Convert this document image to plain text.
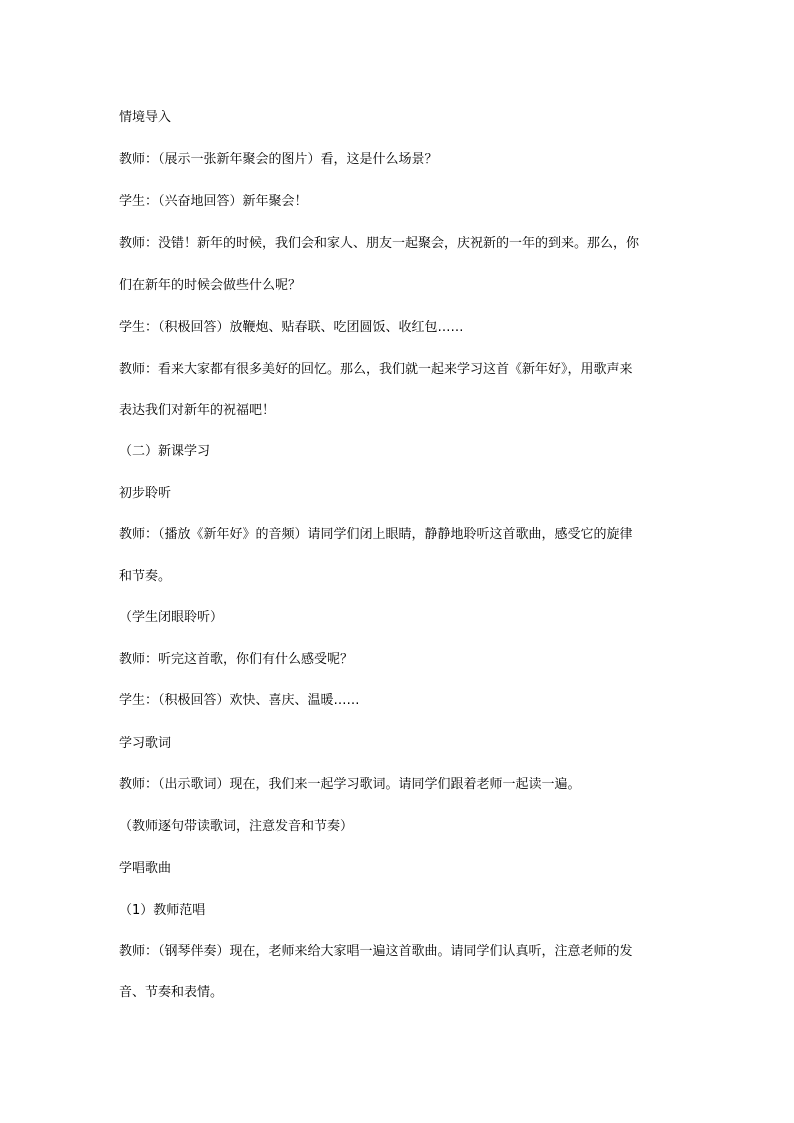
情境导入
教师：（展示一张新年聚会的图片）看，这是什么场景？
学生：（兴奋地回答）新年聚会！
教师：没错！新年的时候，我们会和家人、朋友一起聚会，庆祝新的一年的到来。那么，你
们在新年的时候会做些什么呢？
学生：（积极回答）放鞭炮、贴春联、吃团圆饭、收红包……
教师：看来大家都有很多美好的回忆。那么，我们就一起来学习这首《新年好》，用歌声来
表达我们对新年的祝福吧！
（二）新课学习
初步聆听
教师：（播放《新年好》的音频）请同学们闭上眼睛，静静地聆听这首歌曲，感受它的旋律
和节奏。
（学生闭眼聆听）
教师：听完这首歌，你们有什么感受呢？
学生：（积极回答）欢快、喜庆、温暖……
学习歌词
教师：（出示歌词）现在，我们来一起学习歌词。请同学们跟着老师一起读一遍。
（教师逐句带读歌词，注意发音和节奏）
学唱歌曲
（1）教师范唱
教师：（钢琴伴奏）现在，老师来给大家唱一遍这首歌曲。请同学们认真听，注意老师的发
音、节奏和表情。
